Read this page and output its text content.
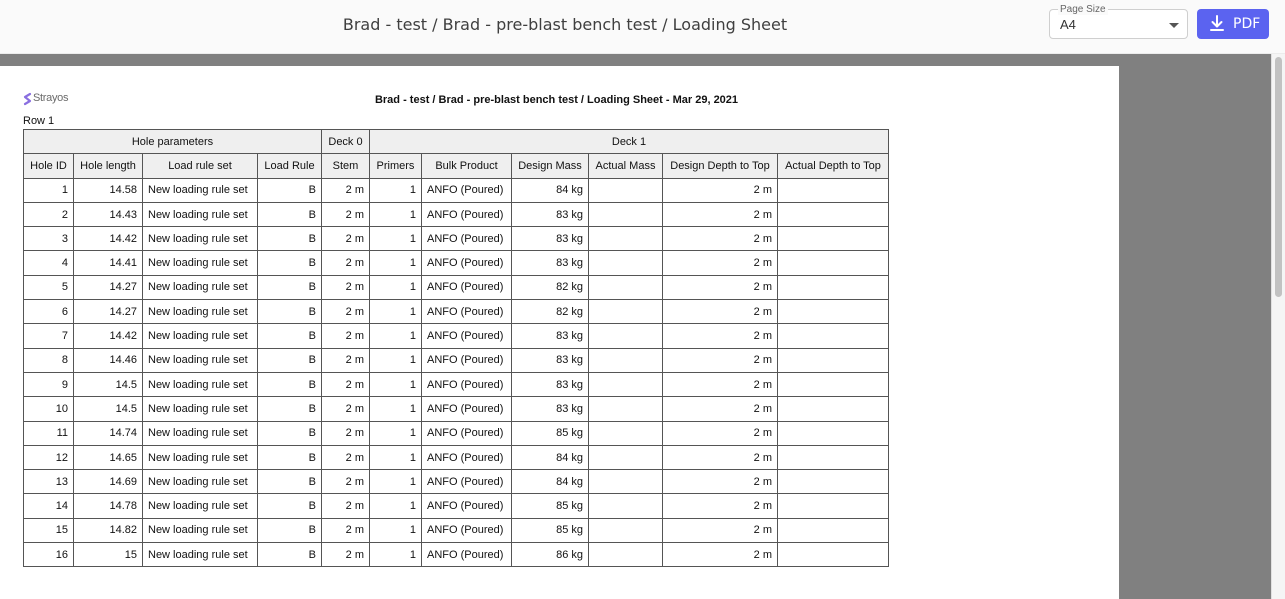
Brad - test / Brad - pre-blast bench test / Loading Sheet
Page Size
A4	PDF
Strayos	Brad - test / Brad - pre-blast bench test / Loading Sheet - Mar 29, 2021
Row 1
Hole parameters				Deck 0	Deck 1					
Hole ID	Hole length	Load rule set	Load Rule	Stem	Primers	Bulk Product	Design Mass	Actual Mass	Design Depth to Top	Actual Depth to Top
1	14.58	New loading rule set	B	2 m	1	ANFO (Poured)	84 kg		2 m	
2	14.43	New loading rule set	B	2 m	1	ANFO (Poured)	83 kg		2 m	
3	14.42	New loading rule set	B	2 m	1	ANFO (Poured)	83 kg		2 m	
4	14.41	New loading rule set	B	2 m	1	ANFO (Poured)	83 kg		2 m	
5	14.27	New loading rule set	B	2 m	1	ANFO (Poured)	82 kg		2 m	
6	14.27	New loading rule set	B	2 m	1	ANFO (Poured)	82 kg		2 m	
7	14.42	New loading rule set	B	2 m	1	ANFO (Poured)	83 kg		2 m	
8	14.46	New loading rule set	B	2 m	1	ANFO (Poured)	83 kg		2 m	
9	14.5	New loading rule set	B	2 m	1	ANFO (Poured)	83 kg		2 m	
10	14.5	New loading rule set	B	2 m	1	ANFO (Poured)	83 kg		2 m	
11	14.74	New loading rule set	B	2 m	1	ANFO (Poured)	85 kg		2 m	
12	14.65	New loading rule set	B	2 m	1	ANFO (Poured)	84 kg		2 m	
13	14.69	New loading rule set	B	2 m	1	ANFO (Poured)	84 kg		2 m	
14	14.78	New loading rule set	B	2 m	1	ANFO (Poured)	85 kg		2 m	
15	14.82	New loading rule set	B	2 m	1	ANFO (Poured)	85 kg		2 m	
16	15	New loading rule set	B	2 m	1	ANFO (Poured)	86 kg		2 m	
